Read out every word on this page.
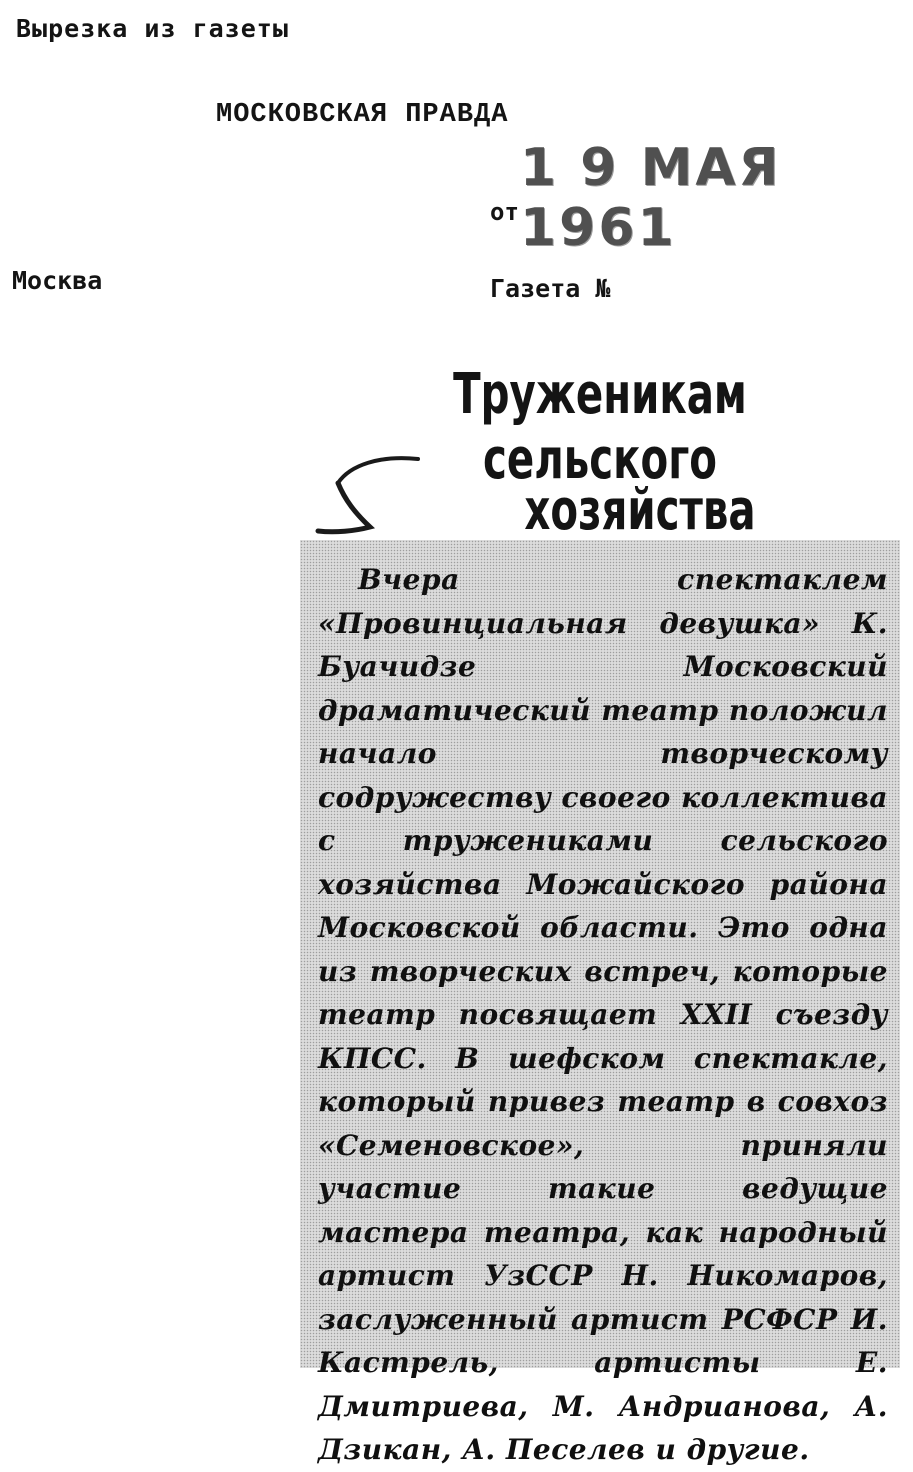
Вырезка из газеты
МОСКОВСКАЯ ПРАВДА
1 9 МАЯ 1961
от
Москва	Газета №
Труженикам сельского
хозяйства
Вчера спектаклем «Провинциальная девушка» К. Буачидзе Московский драматический театр положил начало творческому содружеству своего коллектива с тружениками сельского хозяйства Можайского района Московской области. Это одна из творческих встреч, которые театр посвящает XXII съезду КПСС. В шефском спектакле, который привез театр в совхоз «Семеновское», приняли участие такие ведущие мастера театра, как народный артист УзССР Н. Никомаров, заслуженный артист РСФСР И. Кастрель, артисты Е. Дмитриева, М. Андрианова, А. Дзикан, А. Песелев и другие.
